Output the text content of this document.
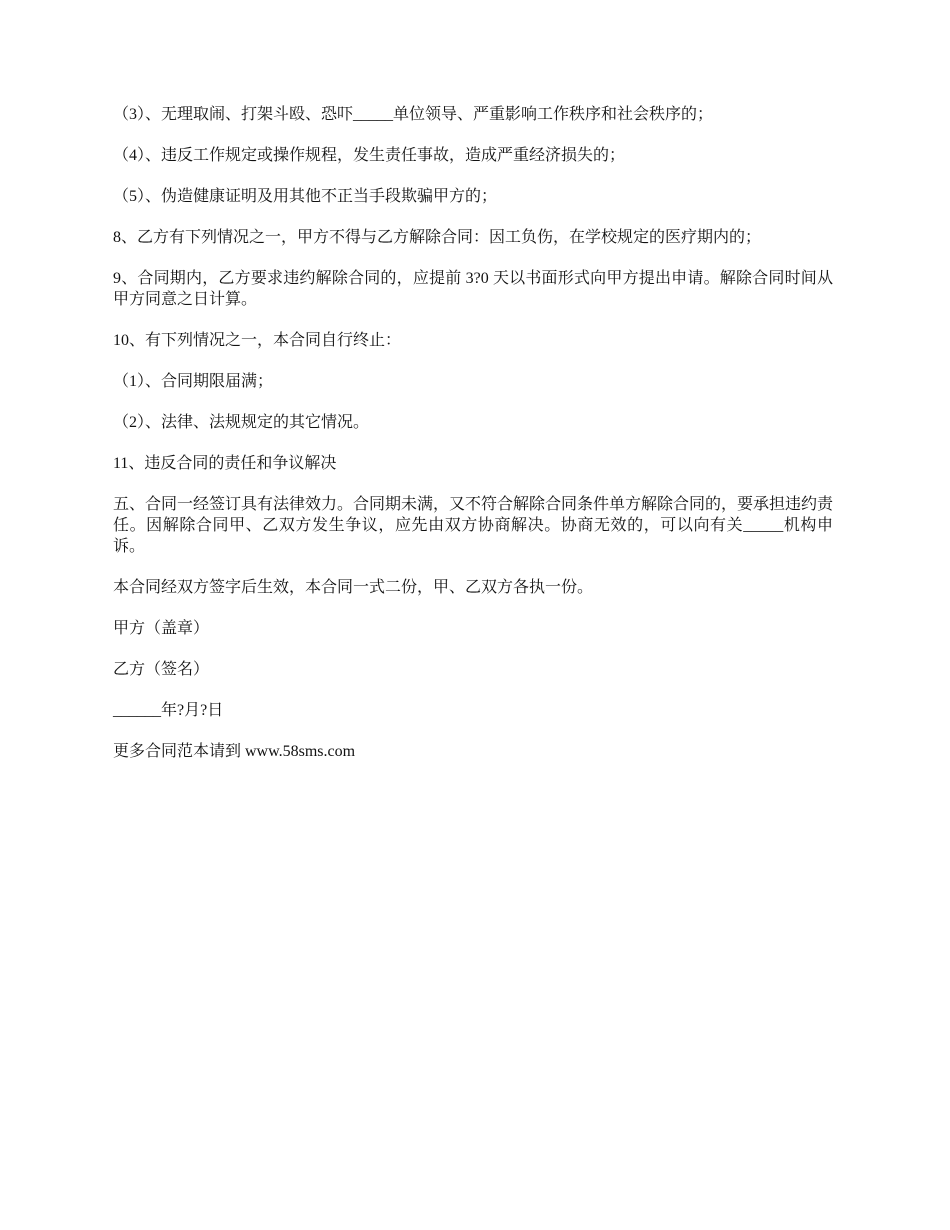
（3）、无理取闹、打架斗殴、恐吓_____单位领导、严重影响工作秩序和社会秩序的；

（4）、违反工作规定或操作规程，发生责任事故，造成严重经济损失的；

（5）、伪造健康证明及用其他不正当手段欺骗甲方的；

8、乙方有下列情况之一，甲方不得与乙方解除合同：因工负伤，在学校规定的医疗期内的；

9、合同期内，乙方要求违约解除合同的，应提前 3?0 天以书面形式向甲方提出申请。解除合同时间从甲方同意之日计算。

10、有下列情况之一，本合同自行终止：

（1）、合同期限届满；

（2）、法律、法规规定的其它情况。

11、违反合同的责任和争议解决

五、合同一经签订具有法律效力。合同期未满，又不符合解除合同条件单方解除合同的，要承担违约责任。因解除合同甲、乙双方发生争议，应先由双方协商解决。协商无效的，可以向有关_____机构申诉。

本合同经双方签字后生效，本合同一式二份，甲、乙双方各执一份。

甲方（盖章）

乙方（签名）

______年?月?日

更多合同范本请到 www.58sms.com
